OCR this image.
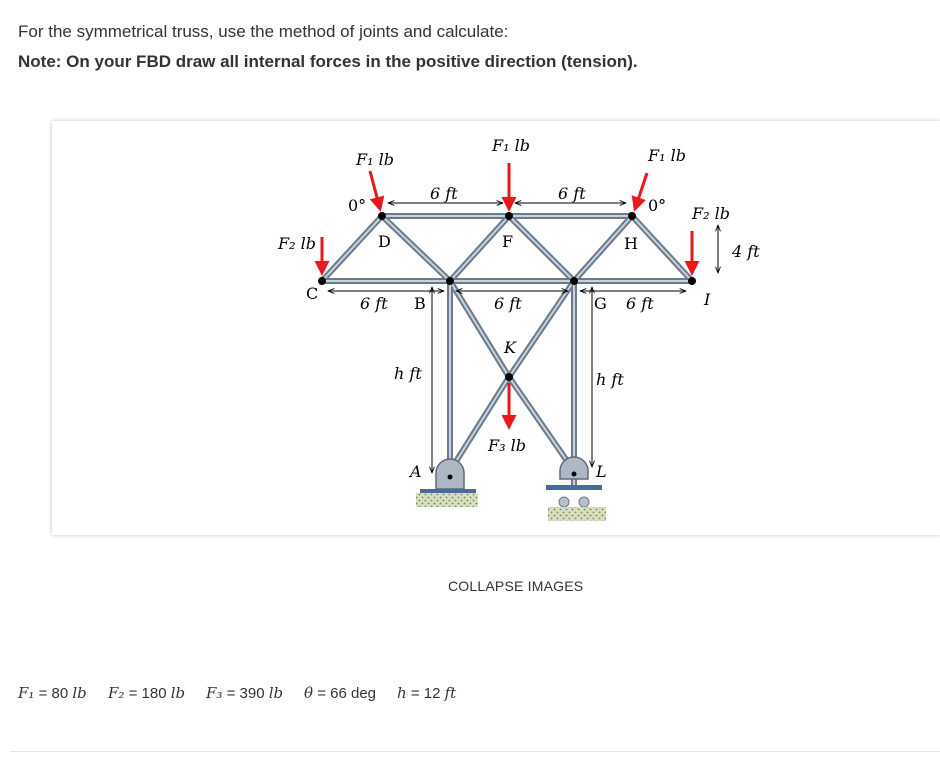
For the symmetrical truss, use the method of joints and calculate:
Note: On your FBD draw all internal forces in the positive direction (tension).
F₁ lb
F₁ lb
F₁ lb
F₂ lb
F₂ lb
F₃ lb
0°	0°
6 ft	6 ft
6 ft	6 ft	6 ft
h ft	h ft
4 ft
C
D	F	H
B	G
K
I
A	L
COLLAPSE IMAGES
F₁ = 80 lb F₂ = 180 lb F₃ = 390 lb θ = 66 deg h = 12 ft
